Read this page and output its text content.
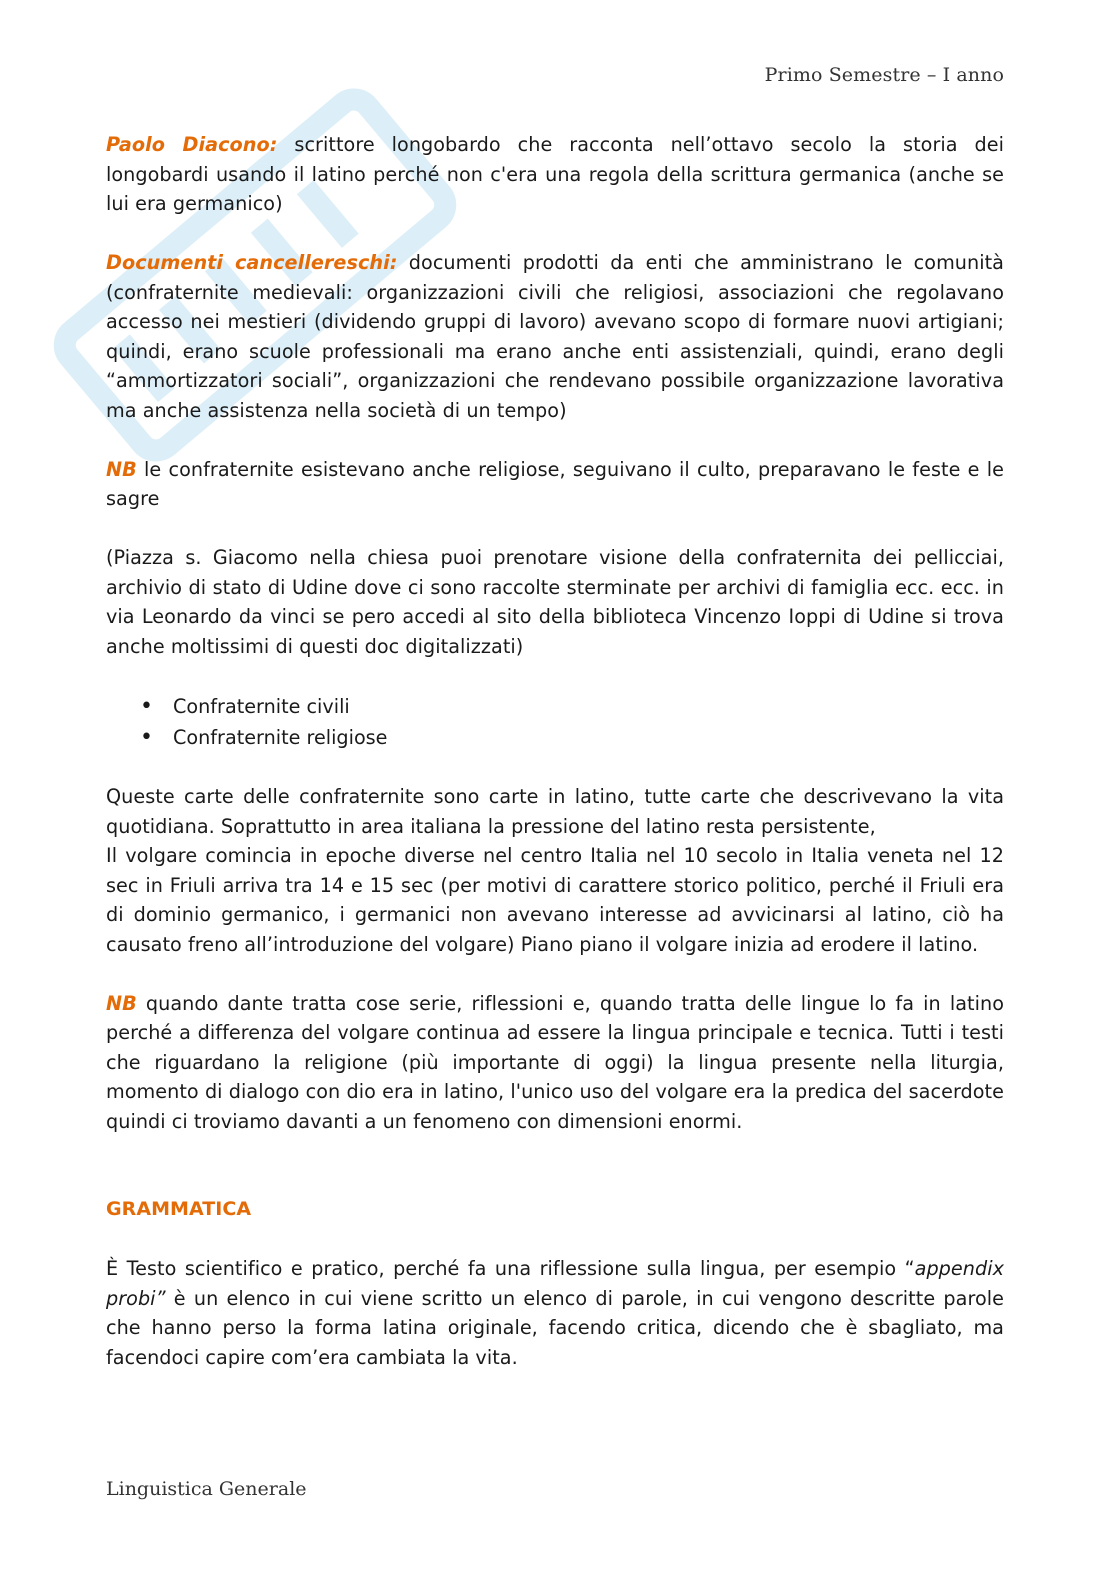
Primo Semestre – I anno

Paolo Diacono: scrittore longobardo che racconta nell’ottavo secolo la storia dei longobardi usando il latino perché non c'era una regola della scrittura germanica (anche se lui era germanico)

Documenti cancellereschi: documenti prodotti da enti che amministrano le comunità (confraternite medievali: organizzazioni civili che religiosi, associazioni che regolavano accesso nei mestieri (dividendo gruppi di lavoro) avevano scopo di formare nuovi artigiani; quindi, erano scuole professionali ma erano anche enti assistenziali, quindi, erano degli “ammortizzatori sociali”, organizzazioni che rendevano possibile organizzazione lavorativa ma anche assistenza nella società di un tempo)

NB le confraternite esistevano anche religiose, seguivano il culto, preparavano le feste e le sagre

(Piazza s. Giacomo nella chiesa puoi prenotare visione della confraternita dei pellicciai, archivio di stato di Udine dove ci sono raccolte sterminate per archivi di famiglia ecc. ecc. in via Leonardo da vinci se pero accedi al sito della biblioteca Vincenzo Ioppi di Udine si trova anche moltissimi di questi doc digitalizzati)

• Confraternite civili
• Confraternite religiose

Queste carte delle confraternite sono carte in latino, tutte carte che descrivevano la vita quotidiana. Soprattutto in area italiana la pressione del latino resta persistente,
Il volgare comincia in epoche diverse nel centro Italia nel 10 secolo in Italia veneta nel 12 sec in Friuli arriva tra 14 e 15 sec (per motivi di carattere storico politico, perché il Friuli era di dominio germanico, i germanici non avevano interesse ad avvicinarsi al latino, ciò ha causato freno all’introduzione del volgare) Piano piano il volgare inizia ad erodere il latino.

NB quando dante tratta cose serie, riflessioni e, quando tratta delle lingue lo fa in latino perché a differenza del volgare continua ad essere la lingua principale e tecnica. Tutti i testi che riguardano la religione (più importante di oggi) la lingua presente nella liturgia, momento di dialogo con dio era in latino, l'unico uso del volgare era la predica del sacerdote quindi ci troviamo davanti a un fenomeno con dimensioni enormi.

GRAMMATICA

È Testo scientifico e pratico, perché fa una riflessione sulla lingua, per esempio “appendix probi” è un elenco in cui viene scritto un elenco di parole, in cui vengono descritte parole che hanno perso la forma latina originale, facendo critica, dicendo che è sbagliato, ma facendoci capire com’era cambiata la vita.

Linguistica Generale
